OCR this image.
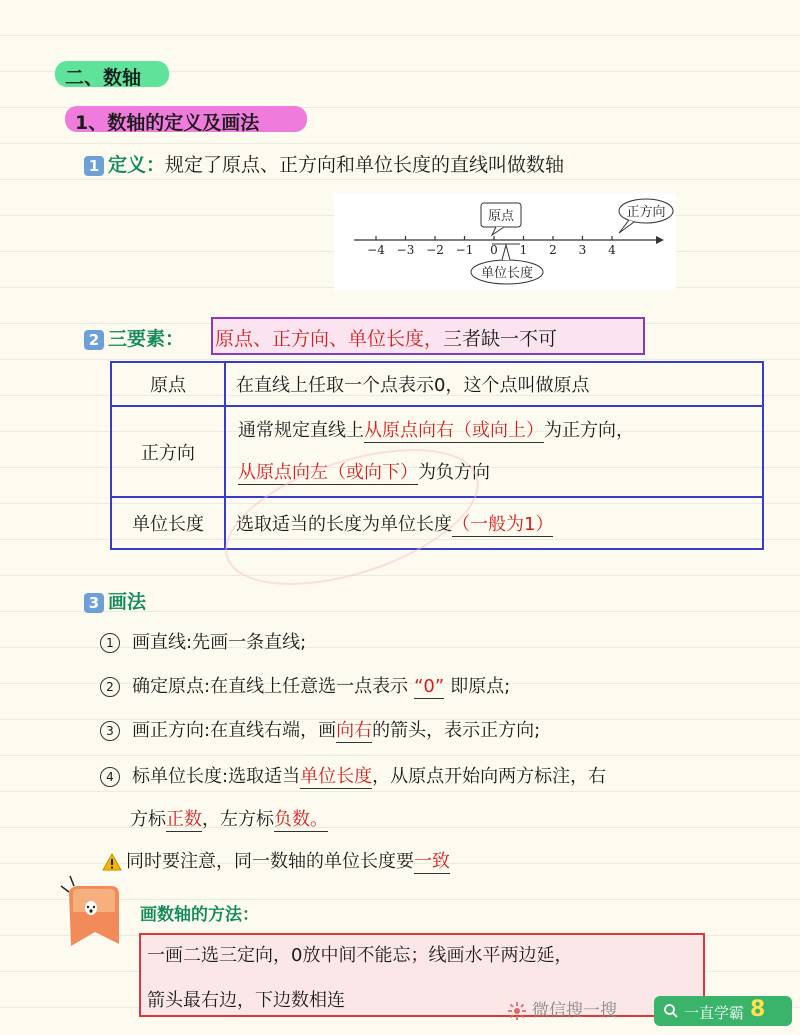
二、数轴
1、数轴的定义及画法
1 定义：规定了原点、正方向和单位长度的直线叫做数轴
−4 −3 −2 −1 0 1 2 3 4
原点	正方向
单位长度
2 三要素： 原点、正方向、单位长度，三者缺一不可
原点	在直线上任取一个点表示0，这个点叫做原点
正方向	通常规定直线上从原点向右（或向上）为正方向，
从原点向左（或向下）为负方向

单位长度	选取适当的长度为单位长度（一般为1）
3 画法
1 画直线:先画一条直线;
2 确定原点:在直线上任意选一点表示 “0” 即原点;
3 画正方向:在直线右端，画向右的箭头，表示正方向;
4 标单位长度:选取适当单位长度，从原点开始向两方标注，右
方标正数，左方标负数。
同时要注意，同一数轴的单位长度要一致
画数轴的方法：
一画二选三定向，0放中间不能忘；线画水平两边延，
箭头最右边，下边数相连	微信搜一搜	一直学霸 8
